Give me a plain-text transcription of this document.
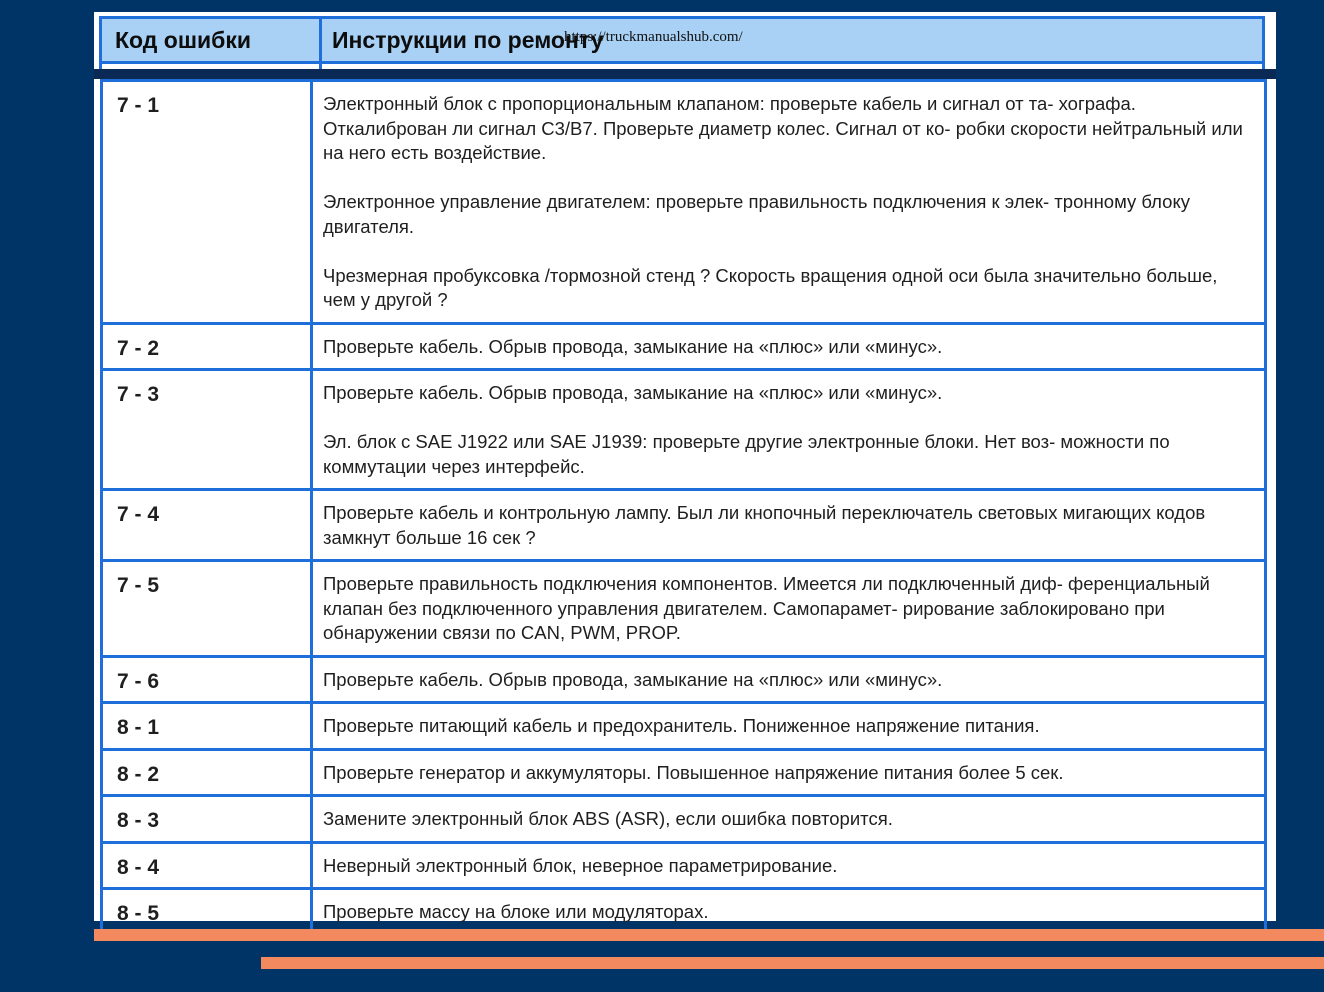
Код ошибки	Инструкции по ремонту
https://truckmanualshub.com/
7 - 1	Электронный блок с пропорциональным клапаном: проверьте кабель и сигнал от та- хографа. Откалиброван ли сигнал C3/B7. Проверьте диаметр колес. Сигнал от ко- робки скорости нейтральный или на него есть воздействие.

Электронное управление двигателем: проверьте правильность подключения к элек- тронному блоку двигателя.

Чрезмерная пробуксовка /тормозной стенд ? Скорость вращения одной оси была значительно больше, чем у другой ?

7 - 2	Проверьте кабель. Обрыв провода, замыкание на «плюс» или «минус».

7 - 3	Проверьте кабель. Обрыв провода, замыкание на «плюс» или «минус».

Эл. блок с SAE J1922 или SAE J1939: проверьте другие электронные блоки. Нет воз- можности по коммутации через интерфейс.

7 - 4	Проверьте кабель и контрольную лампу. Был ли кнопочный переключатель световых мигающих кодов замкнут больше 16 сек ?

7 - 5	Проверьте правильность подключения компонентов. Имеется ли подключенный диф- ференциальный клапан без подключенного управления двигателем. Самопарамет- рирование заблокировано при обнаружении связи по CAN, PWM, PROP.

7 - 6	Проверьте кабель. Обрыв провода, замыкание на «плюс» или «минус».

8 - 1	Проверьте питающий кабель и предохранитель. Пониженное напряжение питания.

8 - 2	Проверьте генератор и аккумуляторы. Повышенное напряжение питания более 5 сек.

8 - 3	Замените электронный блок ABS (ASR), если ошибка повторится.

8 - 4	Неверный электронный блок, неверное параметрирование.

8 - 5	Проверьте массу на блоке или модуляторах.
